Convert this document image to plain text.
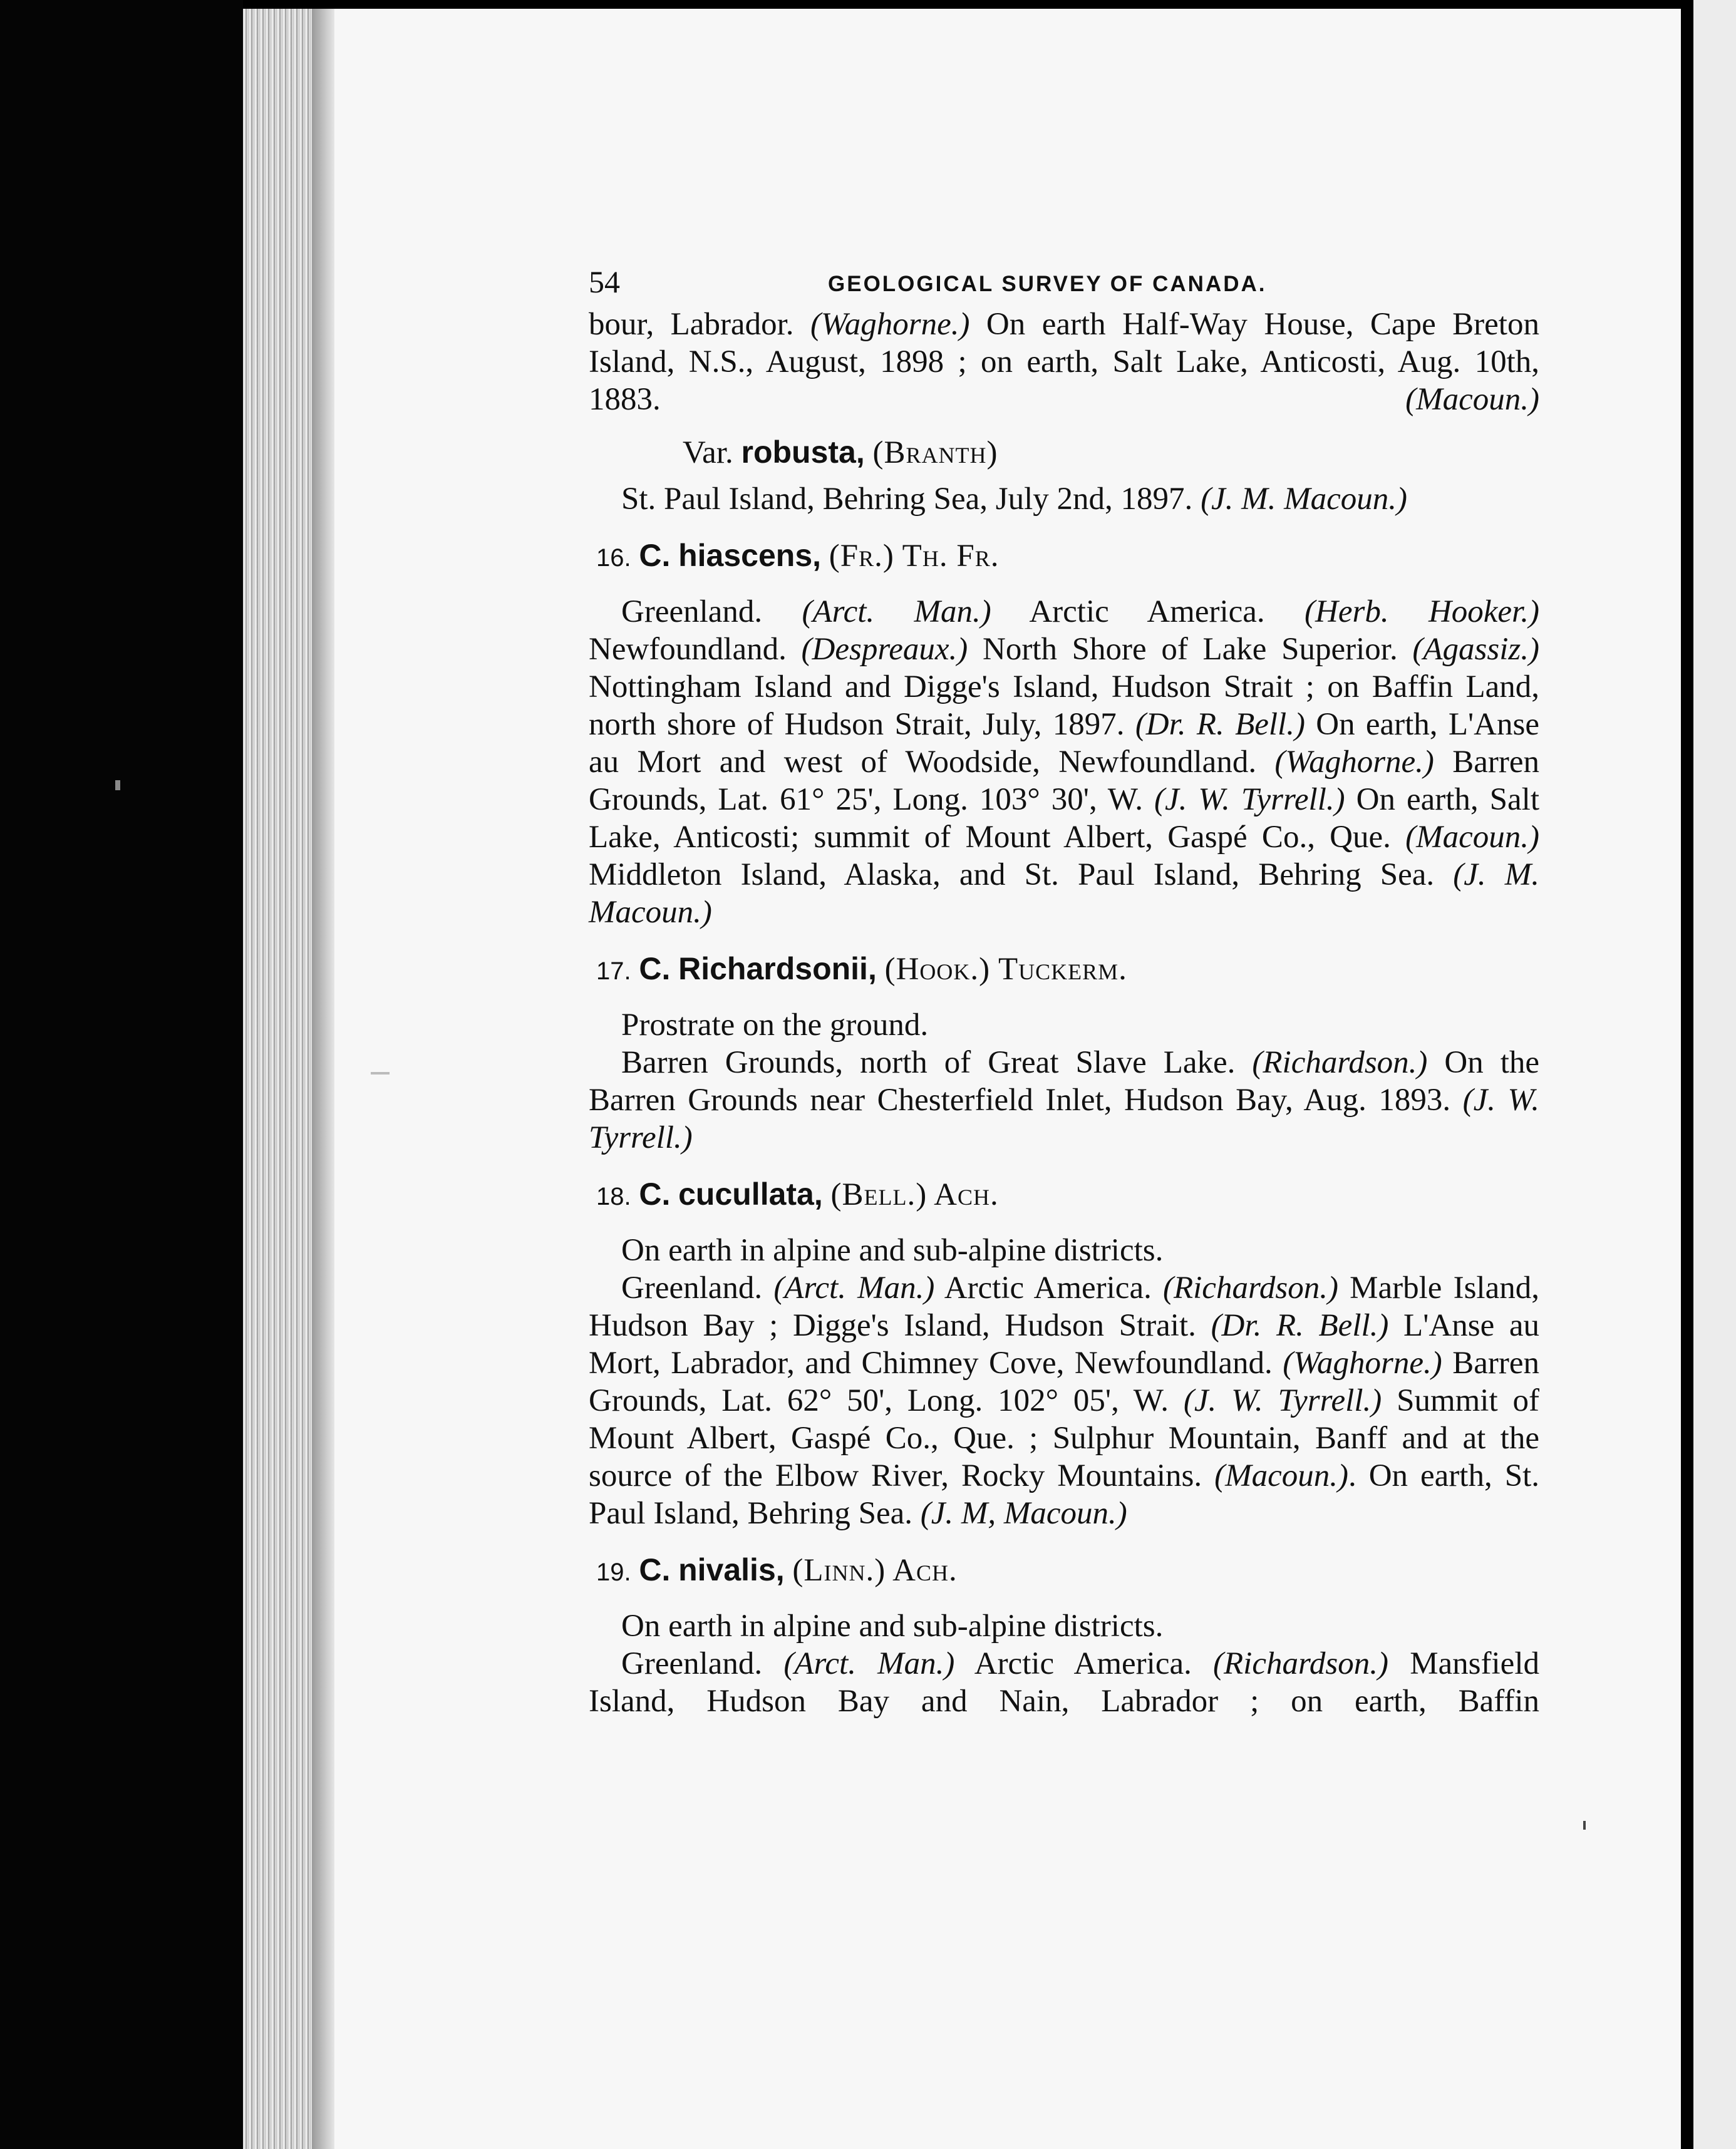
54	GEOLOGICAL SURVEY OF CANADA.

bour, Labrador. (Waghorne.) On earth Half-Way House, Cape Breton Island, N.S., August, 1898 ; on earth, Salt Lake, Anticosti, Aug. 10th, 1883. (Macoun.)

Var. robusta, (Branth)

St. Paul Island, Behring Sea, July 2nd, 1897. (J. M. Macoun.)

16. C. hiascens, (Fr.) Th. Fr.

Greenland. (Arct. Man.) Arctic America. (Herb. Hooker.) Newfoundland. (Despreaux.) North Shore of Lake Superior. (Agassiz.) Nottingham Island and Digge's Island, Hudson Strait ; on Baffin Land, north shore of Hudson Strait, July, 1897. (Dr. R. Bell.) On earth, L'Anse au Mort and west of Woodside, Newfoundland. (Waghorne.) Barren Grounds, Lat. 61° 25', Long. 103° 30', W. (J. W. Tyrrell.) On earth, Salt Lake, Anticosti; summit of Mount Albert, Gaspé Co., Que. (Macoun.) Middleton Island, Alaska, and St. Paul Island, Behring Sea. (J. M. Macoun.)

17. C. Richardsonii, (Hook.) Tuckerm.

Prostrate on the ground.

Barren Grounds, north of Great Slave Lake. (Richardson.) On the Barren Grounds near Chesterfield Inlet, Hudson Bay, Aug. 1893. (J. W. Tyrrell.)

18. C. cucullata, (Bell.) Ach.

On earth in alpine and sub-alpine districts.

Greenland. (Arct. Man.) Arctic America. (Richardson.) Marble Island, Hudson Bay ; Digge's Island, Hudson Strait. (Dr. R. Bell.) L'Anse au Mort, Labrador, and Chimney Cove, Newfoundland. (Waghorne.) Barren Grounds, Lat. 62° 50', Long. 102° 05', W. (J. W. Tyrrell.) Summit of Mount Albert, Gaspé Co., Que. ; Sulphur Mountain, Banff and at the source of the Elbow River, Rocky Mountains. (Macoun.). On earth, St. Paul Island, Behring Sea. (J. M, Macoun.)

19. C. nivalis, (Linn.) Ach.

On earth in alpine and sub-alpine districts.

Greenland. (Arct. Man.) Arctic America. (Richardson.) Mansfield Island, Hudson Bay and Nain, Labrador ; on earth, Baffin
